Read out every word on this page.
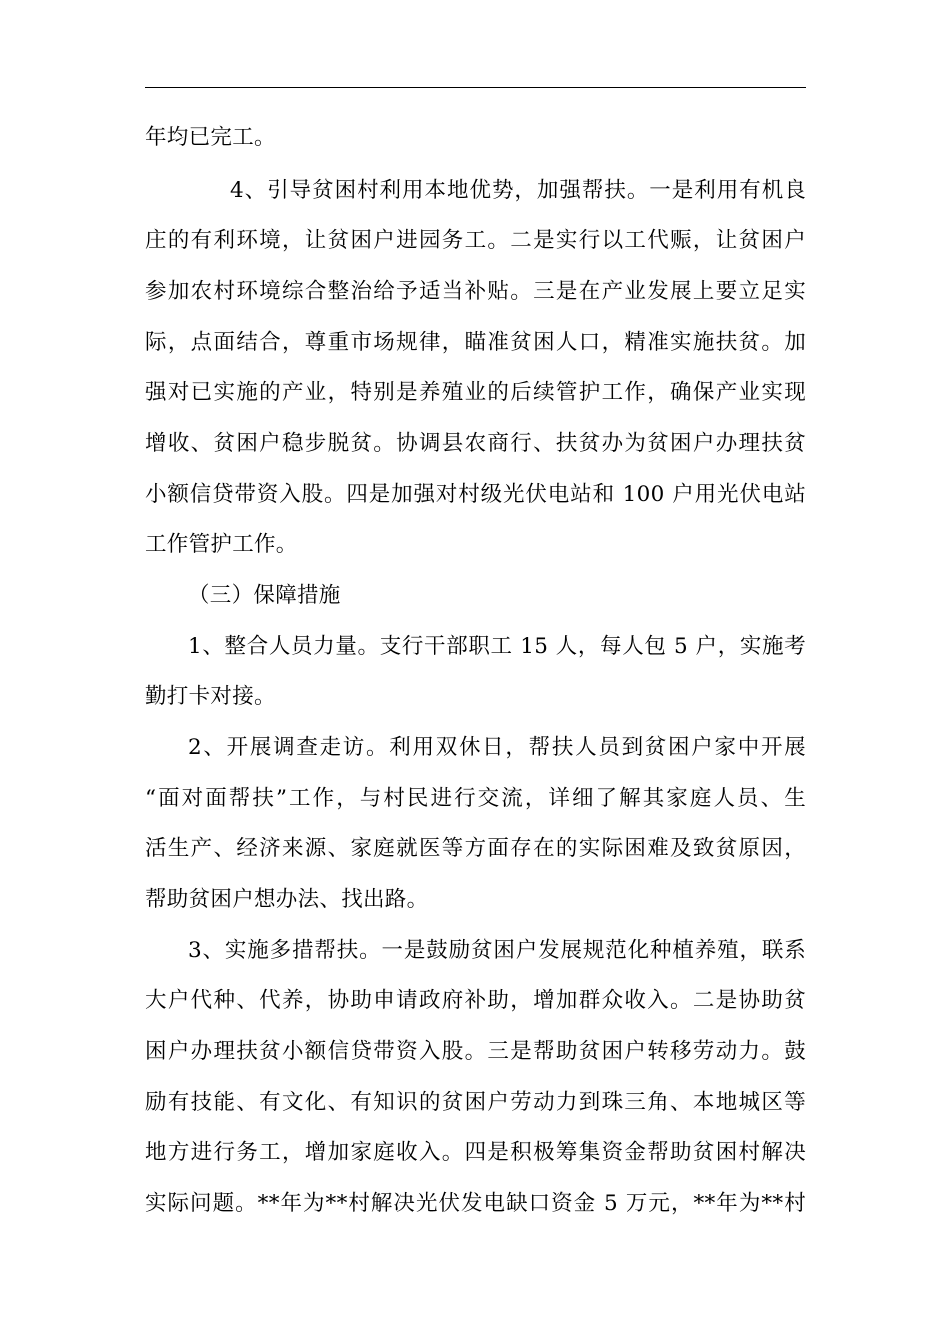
年均已完工。
4、引导贫困村利用本地优势，加强帮扶。一是利用有机良
庄的有利环境，让贫困户进园务工。二是实行以工代赈，让贫困户
参加农村环境综合整治给予适当补贴。三是在产业发展上要立足实
际，点面结合，尊重市场规律，瞄准贫困人口，精准实施扶贫。加
强对已实施的产业，特别是养殖业的后续管护工作，确保产业实现
增收、贫困户稳步脱贫。协调县农商行、扶贫办为贫困户办理扶贫
小额信贷带资入股。四是加强对村级光伏电站和 100 户用光伏电站
工作管护工作。
（三）保障措施
1、整合人员力量。支行干部职工 15 人，每人包 5 户，实施考
勤打卡对接。
2、开展调查走访。利用双休日，帮扶人员到贫困户家中开展
“面对面帮扶”工作，与村民进行交流，详细了解其家庭人员、生
活生产、经济来源、家庭就医等方面存在的实际困难及致贫原因，
帮助贫困户想办法、找出路。
3、实施多措帮扶。一是鼓励贫困户发展规范化种植养殖，联系
大户代种、代养，协助申请政府补助，增加群众收入。二是协助贫
困户办理扶贫小额信贷带资入股。三是帮助贫困户转移劳动力。鼓
励有技能、有文化、有知识的贫困户劳动力到珠三角、本地城区等
地方进行务工，增加家庭收入。四是积极筹集资金帮助贫困村解决
实际问题。**年为**村解决光伏发电缺口资金 5 万元，**年为**村
